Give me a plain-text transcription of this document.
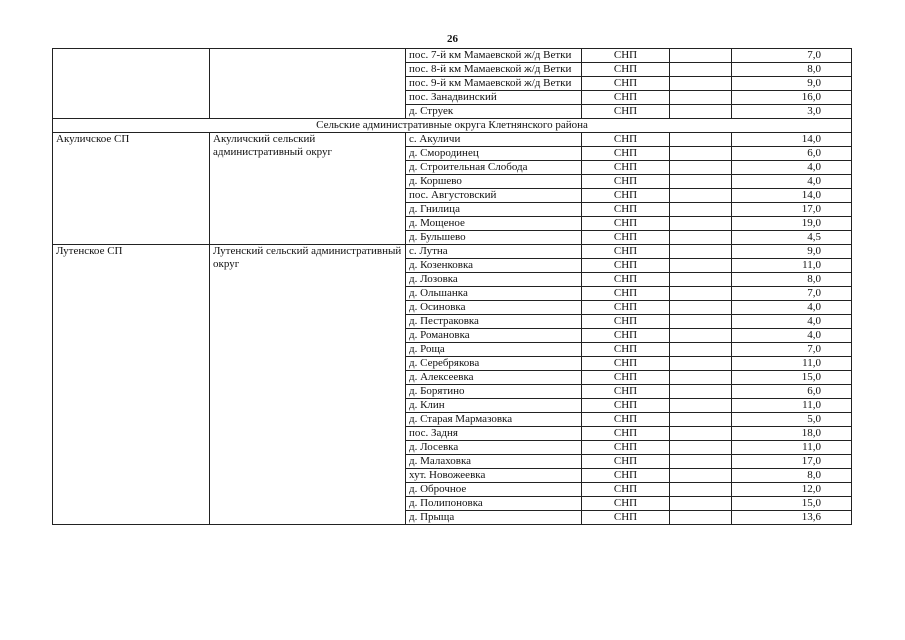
26
		пос. 7-й км Мамаевской ж/д Ветки	СНП		7,0
		пос. 8-й км Мамаевской ж/д Ветки	СНП		8,0
		пос. 9-й км Мамаевской ж/д Ветки	СНП		9,0
		пос. Занадвинский	СНП		16,0
		д. Струек	СНП		3,0
Сельские административные округа Клетнянского района					
Акуличское СП	Акуличский сельский административный округ	с. Акуличи	СНП		14,0
		д. Смородинец	СНП		6,0
		д. Строительная Слобода	СНП		4,0
		д. Коршево	СНП		4,0
		пос. Августовский	СНП		14,0
		д. Гнилица	СНП		17,0
		д. Мощеное	СНП		19,0
		д. Бульшево	СНП		4,5
Лутенское СП	Лутенский сельский административный округ	с. Лутна	СНП		9,0
		д. Козенковка	СНП		11,0
		д. Лозовка	СНП		8,0
		д. Ольшанка	СНП		7,0
		д. Осиновка	СНП		4,0
		д. Пестраковка	СНП		4,0
		д. Романовка	СНП		4,0
		д. Роща	СНП		7,0
		д. Серебрякова	СНП		11,0
		д. Алексеевка	СНП		15,0
		д. Борятино	СНП		6,0
		д. Клин	СНП		11,0
		д. Старая Мармазовка	СНП		5,0
		пос. Задня	СНП		18,0
		д. Лосевка	СНП		11,0
		д. Малаховка	СНП		17,0
		хут. Новожеевка	СНП		8,0
		д. Оброчное	СНП		12,0
		д. Полипоновка	СНП		15,0
		д. Прыща	СНП		13,6
